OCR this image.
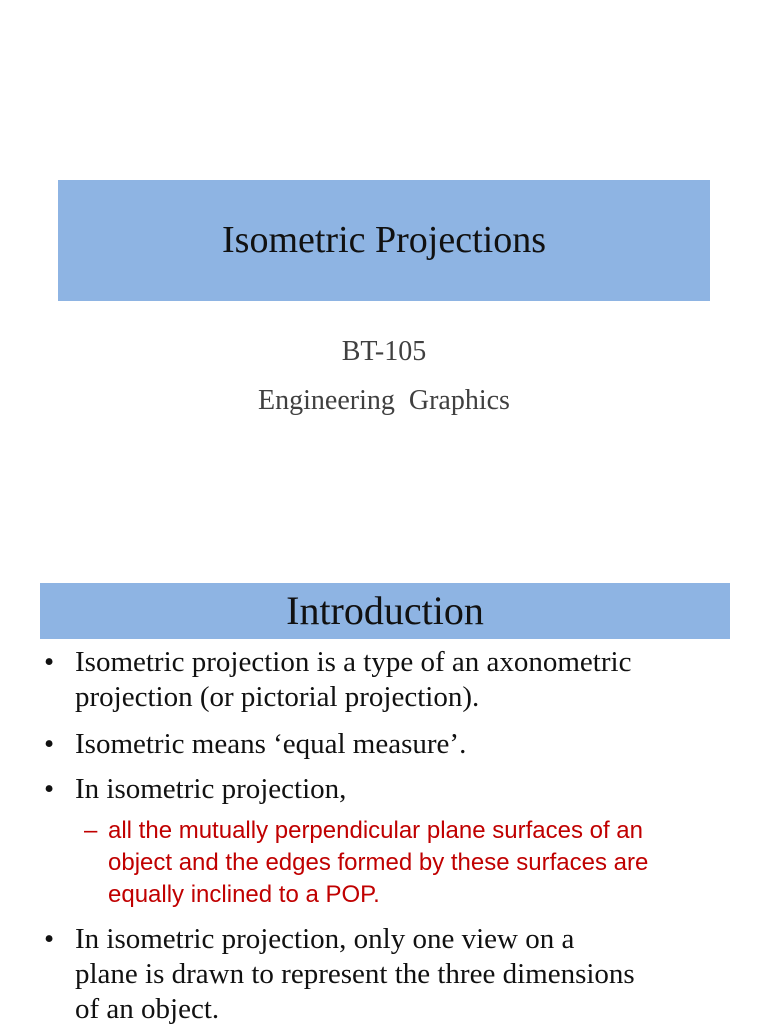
Isometric Projections
BT-105
Engineering  Graphics
Introduction
• Isometric projection is a type of an axonometric
projection (or pictorial projection).
• Isometric means ‘equal measure’.
• In isometric projection,
– all the mutually perpendicular plane surfaces of an
object and the edges formed by these surfaces are
equally inclined to a POP.
• In isometric projection, only one view on a
plane is drawn to represent the three dimensions
of an object.
